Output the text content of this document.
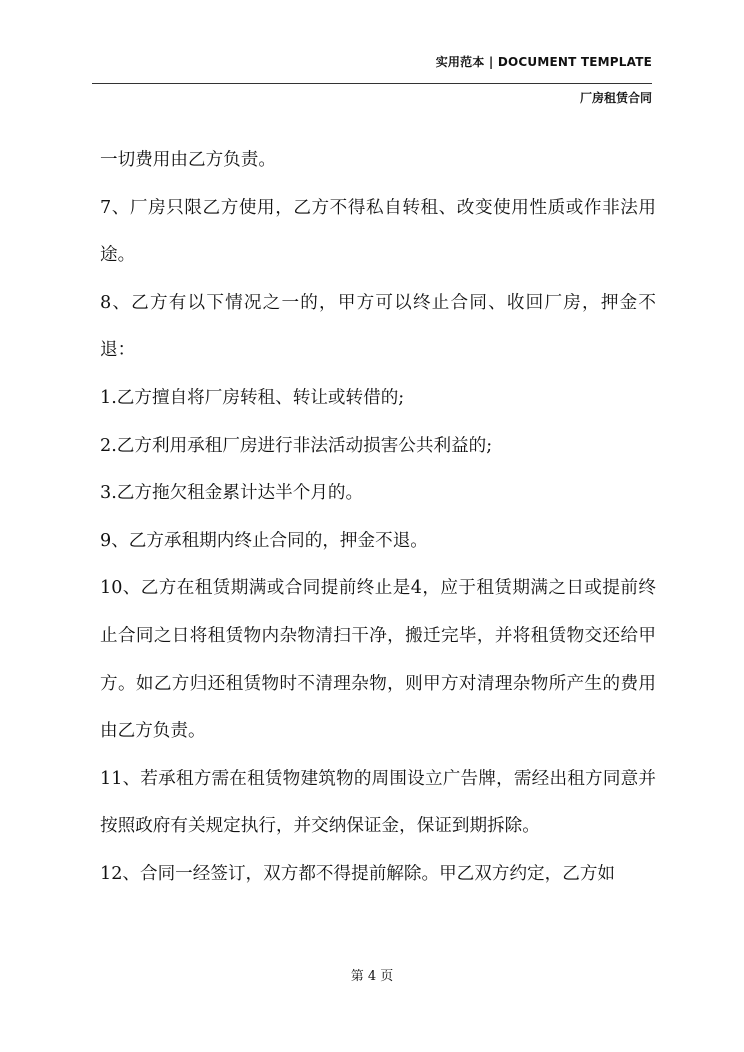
实用范本 | DOCUMENT TEMPLATE
厂房租赁合同

一切费用由乙方负责。

7、厂房只限乙方使用，乙方不得私自转租、改变使用性质或作非法用途。

8、乙方有以下情况之一的，甲方可以终止合同、收回厂房，押金不退：

1.乙方擅自将厂房转租、转让或转借的;

2.乙方利用承租厂房进行非法活动损害公共利益的;

3.乙方拖欠租金累计达半个月的。

9、乙方承租期内终止合同的，押金不退。

10、乙方在租赁期满或合同提前终止是4，应于租赁期满之日或提前终止合同之日将租赁物内杂物清扫干净，搬迁完毕，并将租赁物交还给甲方。如乙方归还租赁物时不清理杂物，则甲方对清理杂物所产生的费用由乙方负责。

11、若承租方需在租赁物建筑物的周围设立广告牌，需经出租方同意并按照政府有关规定执行，并交纳保证金，保证到期拆除。

12、合同一经签订，双方都不得提前解除。甲乙双方约定，乙方如

第 4 页
